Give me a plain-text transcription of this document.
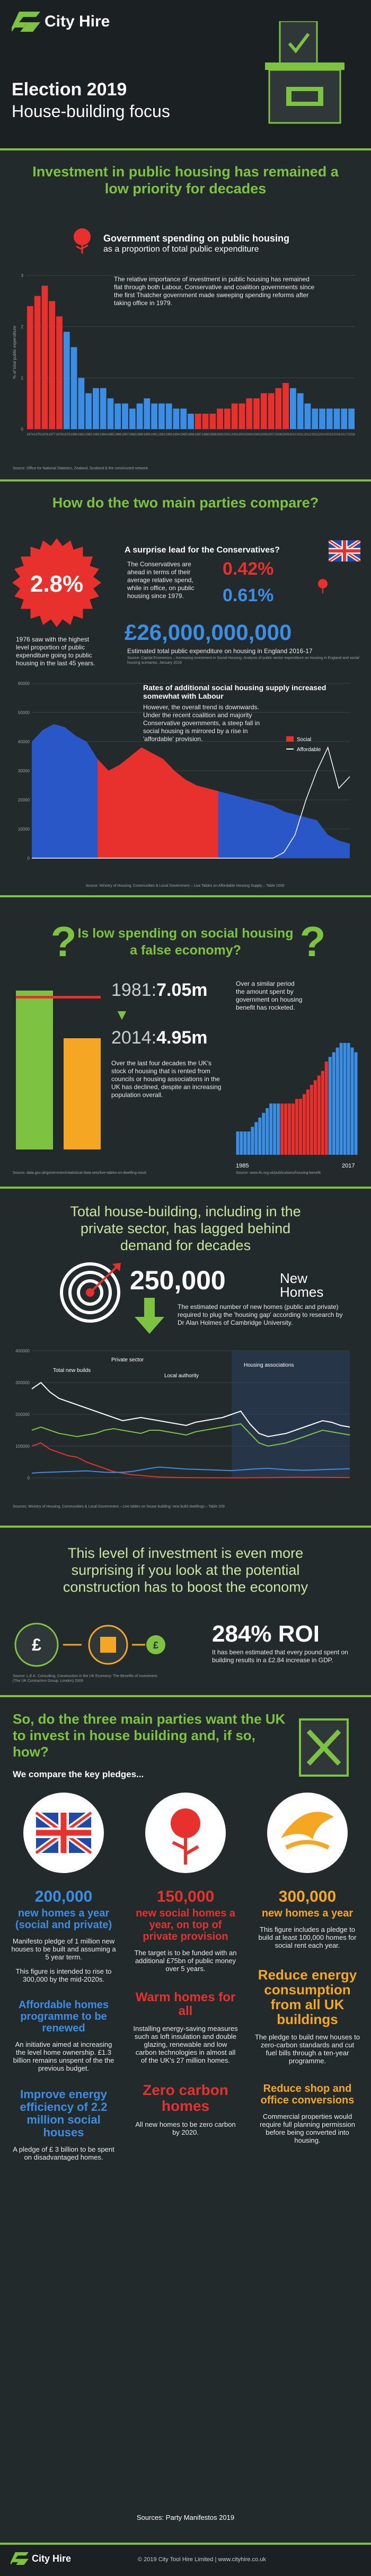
City Hire
Election 2019
House-building focus
Investment in public housing has remained a low priority for decades
Government spending on public housing
as a proportion of total public expenditure
0
1
2
3
% of total public expenditure
1974 1975 1976 1977 1978 1979 1980 1981 1982 1983 1984 1985 1986 1987 1988 1989 1990 1991 1992 1993 1994 1995 1996 1997 1998 1999 2000 2001 2002 2003 2004 2005 2006 2007 2008 2009 2010 2011 2012 2013 2014 2015 2016 2017 2018
The relative importance of investment in public housing has remained flat through both Labour, Conservative and coalition governments since the first Thatcher government made sweeping spending reforms after taking office in 1979.
Source: Office for National Statistics, Zealand, Scotland & the constructed network
How do the two main parties compare?
2.8%
1976 saw with the highest level proportion of public expenditure going to public housing in the last 45 years.
A surprise lead for the Conservatives?
The Conservatives are ahead in terms of their average relative spend, while in office, on public housing since 1979.
0.42%
0.61%
£26,000,000,000
Estimated total public expenditure on housing in England 2016-17
Source: Capital Economics – Increasing investment in Social Housing. Analysis of public sector expenditure on housing in England and social housing scenarios, January 2019
Rates of additional social housing supply increased somewhat with Labour
However, the overall trend is downwards. Under the recent coalition and majority Conservative governments, a steep fall in social housing is mirrored by a rise in 'affordable' provision.
0
10000
20000
30000
40000
50000
60000
Social
Affordable
Source: Ministry of Housing, Communities & Local Government – Live Tables on Affordable Housing Supply – Table 1000
Is low spending on social housing a false economy?
?	?
1981:7.05m
▼
2014:4.95m
Over the last four decades the UK's stock of housing that is rented from councils or housing associations in the UK has declined, despite an increasing population overall.
Source: data.gov.uk/government/statistical-data-sets/live-tables-on-dwelling-stock
Over a similar period the amount spent by government on housing benefit has rocketed.
1985	2017
Source: www.ifs.org.uk/publications/housing-benefit
Total house-building, including in the private sector, has lagged behind demand for decades
250,000	New Homes
The estimated number of new homes (public and private) required to plug the 'housing gap' according to research by Dr Alan Holmes of Cambridge University.
0
100000
200000
300000
400000
Total new builds
Private sector
Local authority
Housing associations
Sources: Ministry of Housing, Communities & Local Government – Live tables on house building: new build dwellings – Table 209
This level of investment is even more surprising if you look at the potential construction has to boost the economy
£	£
Source: L.E.K. Consulting, Construction in the UK Economy: The Benefits of Investment. (The UK Contractors Group, London) 2009
284% ROI
It has been estimated that every pound spent on building results in a £2.84 increase in GDP.
So, do the three main parties want the UK to invest in house building and, if so, how?
We compare the key pledges...
200,000
new homes a year (social and private)
Manifesto pledge of 1 million new houses to be built and assuming a 5 year term.
This figure is intended to rise to 300,000 by the mid-2020s.
Affordable homes programme to be renewed
An initiative aimed at increasing the level home ownership. £1.3 billion remains unspent of the the previous budget.
Improve energy efficiency of 2.2 million social houses
A pledge of £ 3 billion to be spent on disadvantaged homes.
150,000
new social homes a year, on top of private provision
The target is to be funded with an additional £75bn of public money over 5 years.
Warm homes for all
Installing energy-saving measures such as loft insulation and double glazing, renewable and low carbon technologies in almost all of the UK's 27 million homes.
Zero carbon homes
All new homes to be zero carbon by 2020.
300,000
new homes a year
This figure includes a pledge to build at least 100,000 homes for social rent each year.
Reduce energy consumption from all UK buildings
The pledge to build new houses to zero-carbon standards and cut fuel bills through a ten-year programme.
Reduce shop and office conversions
Commercial properties would require full planning permission before being converted into housing.
Sources: Party Manifestos 2019
City Hire	© 2019 City Tool Hire Limited | www.cityhire.co.uk
